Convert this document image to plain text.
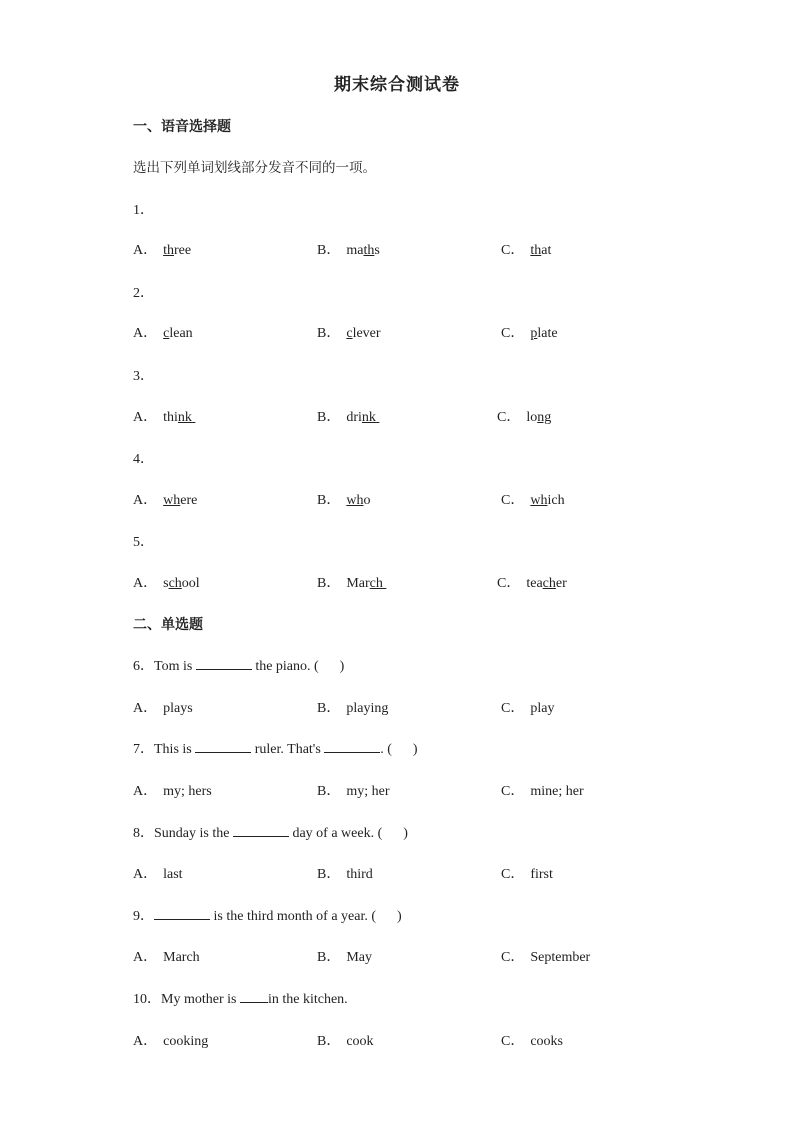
期末综合测试卷
一、语音选择题
选出下列单词划线部分发音不同的一项。
1．
A． three	B． maths	C． that
2．
A． clean	B． clever	C． plate
3．
A． think	B． drink	C． long
4．
A． where	B． who	C． which
5．
A． school	B． March	C． teacher
二、单选题
6．Tom is	the piano. (      )
A． plays	B． playing	C． play
7．This is	ruler. That's	. (      )
A． my; hers	B． my; her	C． mine; her
8．Sunday is the	day of a week. (      )
A． last	B． third	C． first
9．	is the third month of a year. (      )
A． March	B． May	C． September
10．My mother is in the kitchen.
A． cooking	B． cook	C． cooks
